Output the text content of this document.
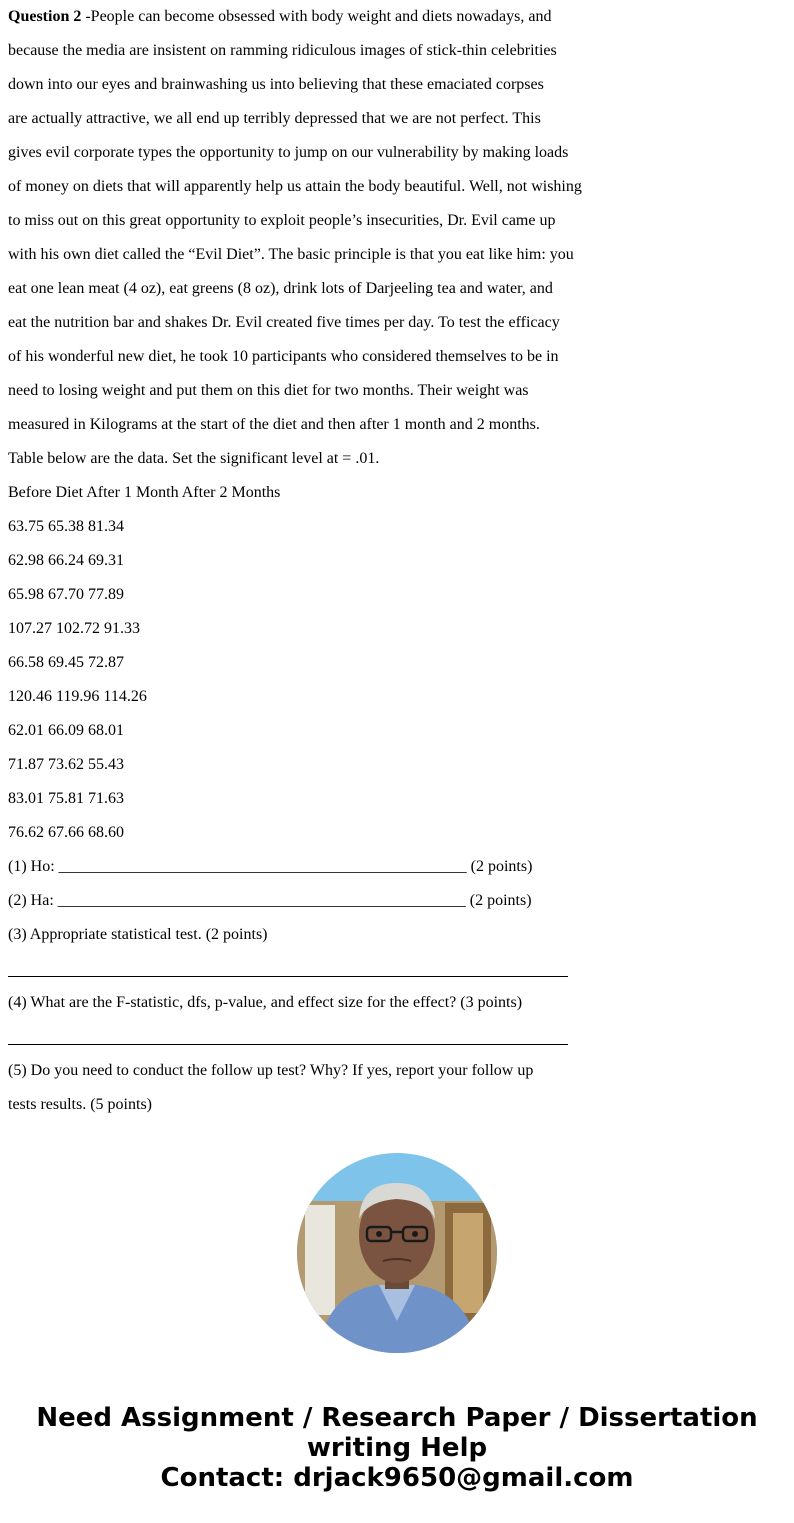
Question 2 -People can become obsessed with body weight and diets nowadays, and
because the media are insistent on ramming ridiculous images of stick-thin celebrities
down into our eyes and brainwashing us into believing that these emaciated corpses
are actually attractive, we all end up terribly depressed that we are not perfect. This
gives evil corporate types the opportunity to jump on our vulnerability by making loads
of money on diets that will apparently help us attain the body beautiful. Well, not wishing
to miss out on this great opportunity to exploit people’s insecurities, Dr. Evil came up
with his own diet called the “Evil Diet”. The basic principle is that you eat like him: you
eat one lean meat (4 oz), eat greens (8 oz), drink lots of Darjeeling tea and water, and
eat the nutrition bar and shakes Dr. Evil created five times per day. To test the efficacy
of his wonderful new diet, he took 10 participants who considered themselves to be in
need to losing weight and put them on this diet for two months. Their weight was
measured in Kilograms at the start of the diet and then after 1 month and 2 months.
Table below are the data. Set the significant level at = .01.
Before Diet After 1 Month After 2 Months
63.75 65.38 81.34
62.98 66.24 69.31
65.98 67.70 77.89
107.27 102.72 91.33
66.58 69.45 72.87
120.46 119.96 114.26
62.01 66.09 68.01
71.87 73.62 55.43
83.01 75.81 71.63
76.62 67.66 68.60
(1) Ho: ___________________________________________________ (2 points)
(2) Ha: ___________________________________________________ (2 points)
(3) Appropriate statistical test. (2 points)
(4) What are the F-statistic, dfs, p-value, and effect size for the effect? (3 points)
(5) Do you need to conduct the follow up test? Why? If yes, report your follow up
tests results. (5 points)
Need Assignment / Research Paper / Dissertation
writing Help
Contact: drjack9650@gmail.com
